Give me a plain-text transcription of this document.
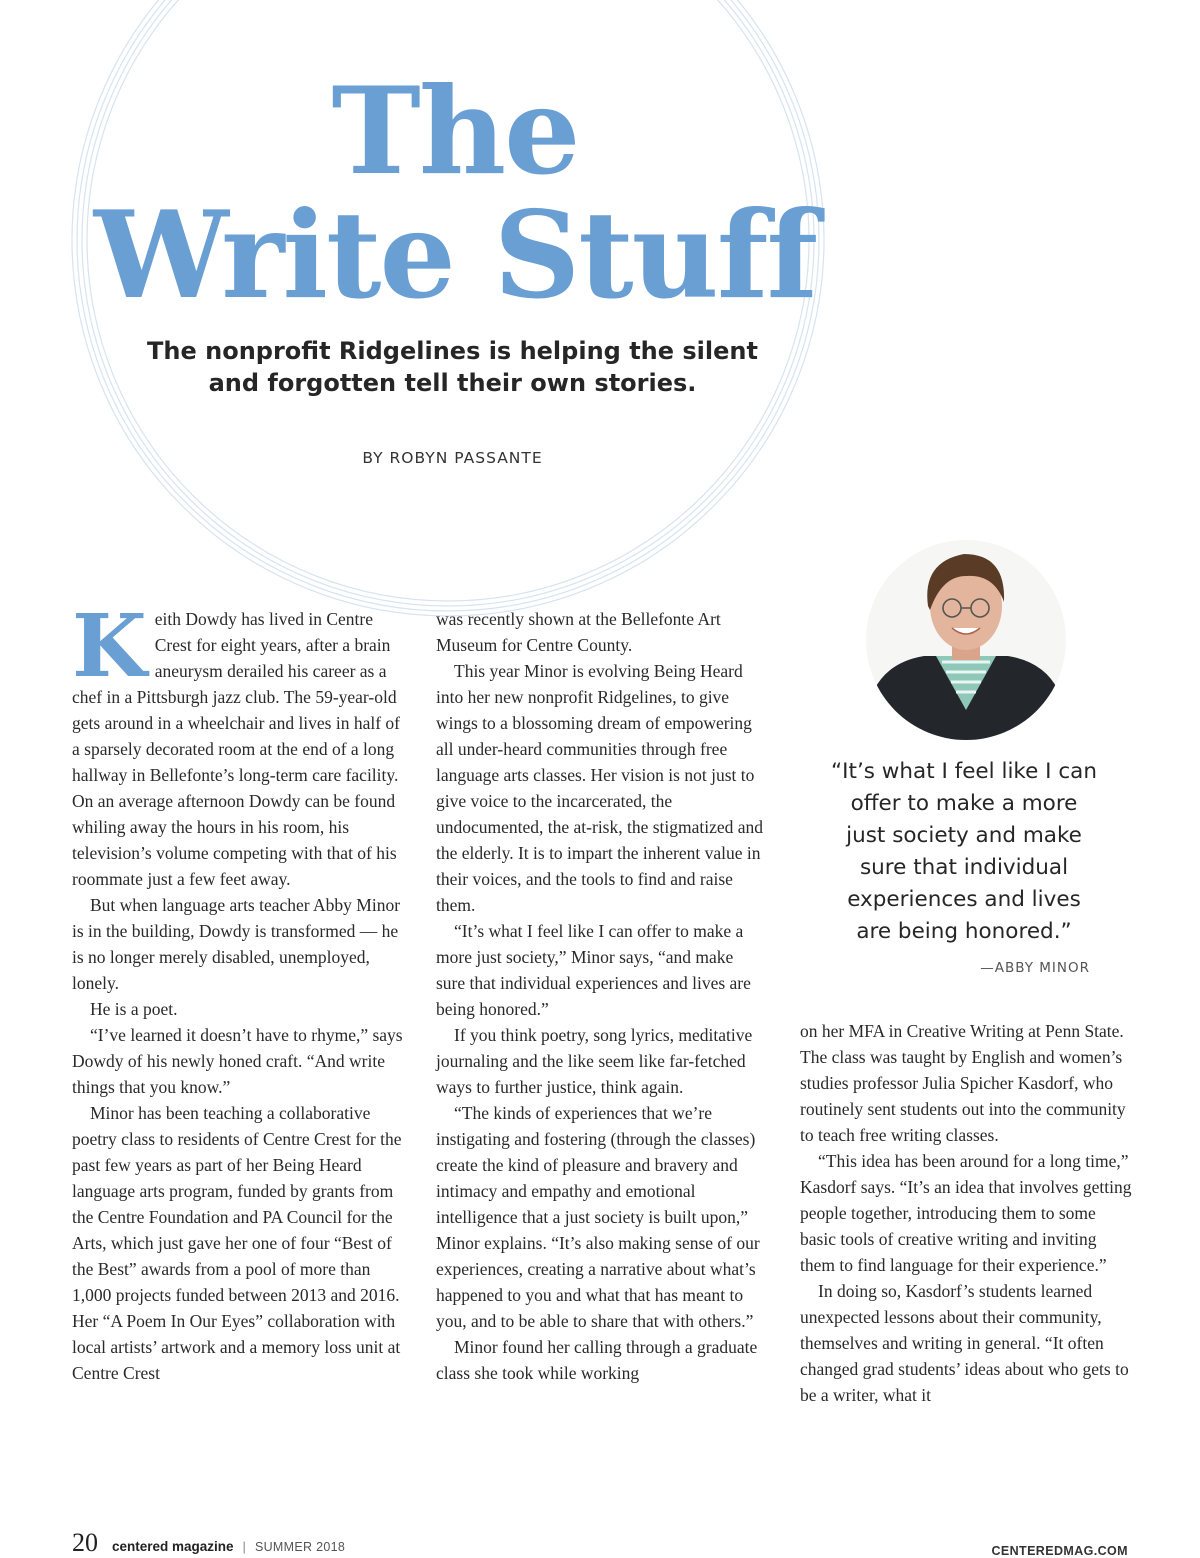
The
Write Stuff
The nonprofit Ridgelines is helping the silent
and forgotten tell their own stories.
BY ROBYN PASSANTE

Keith Dowdy has lived in Centre Crest for eight years, after a brain aneurysm derailed his career as a chef in a Pittsburgh jazz club. The 59-year-old gets around in a wheelchair and lives in half of a sparsely decorated room at the end of a long hallway in Bellefonte’s long-term care facility. On an average afternoon Dowdy can be found whiling away the hours in his room, his television’s volume competing with that of his roommate just a few feet away.

But when language arts teacher Abby Minor is in the building, Dowdy is transformed — he is no longer merely disabled, unemployed, lonely.

He is a poet.

“I’ve learned it doesn’t have to rhyme,” says Dowdy of his newly honed craft. “And write things that you know.”

Minor has been teaching a collaborative poetry class to residents of Centre Crest for the past few years as part of her Being Heard language arts program, funded by grants from the Centre Foundation and PA Council for the Arts, which just gave her one of four “Best of the Best” awards from a pool of more than 1,000 projects funded between 2013 and 2016. Her “A Poem In Our Eyes” collaboration with local artists’ artwork and a memory loss unit at Centre Crest

was recently shown at the Bellefonte Art Museum for Centre County.

This year Minor is evolving Being Heard into her new nonprofit Ridgelines, to give wings to a blossoming dream of empowering all under-heard communities through free language arts classes. Her vision is not just to give voice to the incarcerated, the undocumented, the at-risk, the stigmatized and the elderly. It is to impart the inherent value in their voices, and the tools to find and raise them.

“It’s what I feel like I can offer to make a more just society,” Minor says, “and make sure that individual experiences and lives are being honored.”

If you think poetry, song lyrics, meditative journaling and the like seem like far-fetched ways to further justice, think again.

“The kinds of experiences that we’re instigating and fostering (through the classes) create the kind of pleasure and bravery and intimacy and empathy and emotional intelligence that a just society is built upon,” Minor explains. “It’s also making sense of our experiences, creating a narrative about what’s happened to you and what that has meant to you, and to be able to share that with others.”

Minor found her calling through a graduate class she took while working

“It’s what I feel like I can
offer to make a more
just society and make
sure that individual
experiences and lives
are being honored.”
—ABBY MINOR

on her MFA in Creative Writing at Penn State. The class was taught by English and women’s studies professor Julia Spicher Kasdorf, who routinely sent students out into the community to teach free writing classes.

“This idea has been around for a long time,” Kasdorf says. “It’s an idea that involves getting people together, introducing them to some basic tools of creative writing and inviting them to find language for their experience.”

In doing so, Kasdorf’s students learned unexpected lessons about their community, themselves and writing in general. “It often changed grad students’ ideas about who gets to be a writer, what it

20 centered magazine | SUMMER 2018	CENTEREDMAG.COM
